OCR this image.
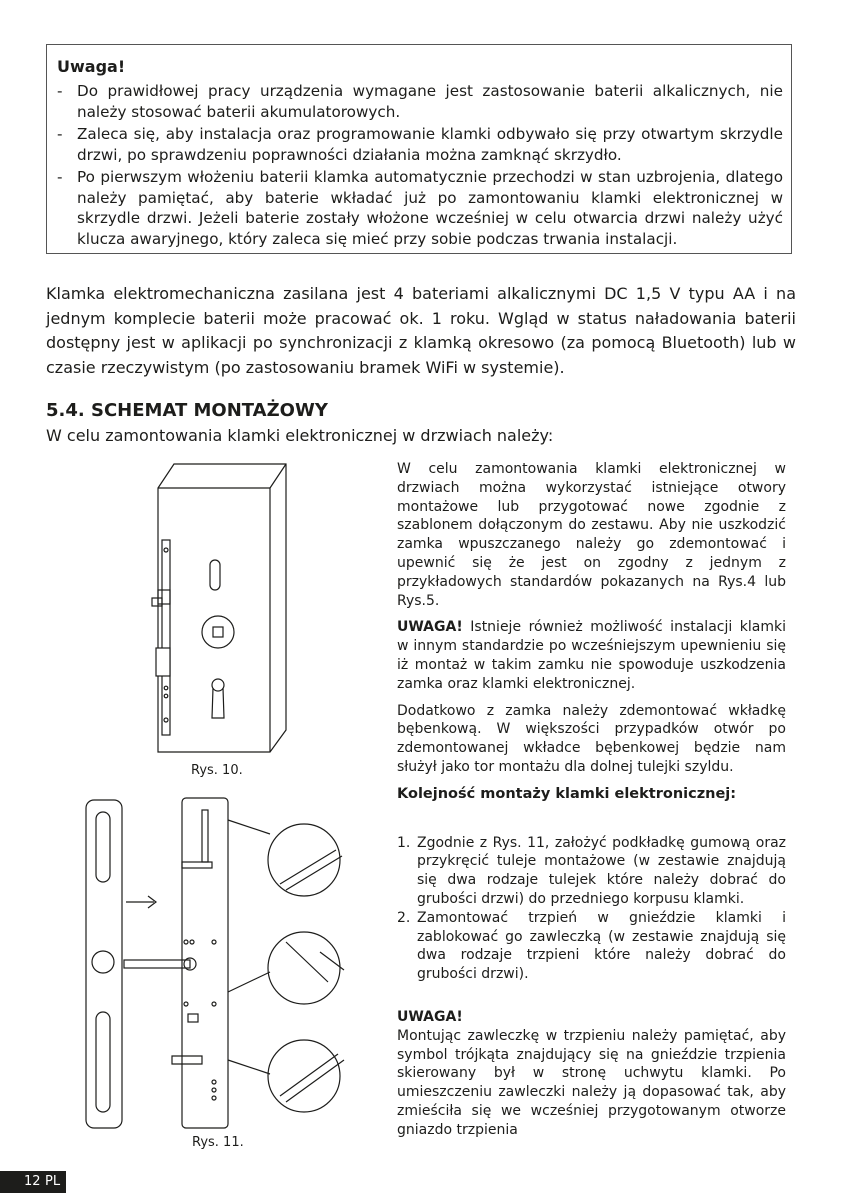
Uwaga!
- Do prawidłowej pracy urządzenia wymagane jest zastosowanie baterii alkalicznych, nie należy stosować baterii akumulatorowych.
- Zaleca się, aby instalacja oraz programowanie klamki odbywało się przy otwartym skrzydle drzwi, po sprawdzeniu poprawności działania można zamknąć skrzydło.
- Po pierwszym włożeniu baterii klamka automatycznie przechodzi w stan uzbrojenia, dlatego należy pamiętać, aby baterie wkładać już po zamontowaniu klamki elektronicznej w skrzydle drzwi. Jeżeli baterie zostały włożone wcześniej w celu otwarcia drzwi należy użyć klucza awaryjnego, który zaleca się mieć przy sobie podczas trwania instalacji.
Klamka elektromechaniczna zasilana jest 4 bateriami alkalicznymi DC 1,5 V typu AA i na jednym komplecie baterii może pracować ok. 1 roku. Wgląd w status naładowania baterii dostępny jest w aplikacji po synchronizacji z klamką okresowo (za pomocą Bluetooth) lub w czasie rzeczywistym (po zastosowaniu bramek WiFi w systemie).
5.4. SCHEMAT MONTAŻOWY
W celu zamontowania klamki elektronicznej w drzwiach należy:
Rys. 10.
Rys. 11.

W celu zamontowania klamki elektronicznej w drzwiach można wykorzystać istniejące otwory montażowe lub przygotować nowe zgodnie z szablonem dołączonym do zestawu. Aby nie uszkodzić zamka wpuszczanego należy go zdemontować i upewnić się że jest on zgodny z jednym z przykładowych standardów pokazanych na Rys.4 lub Rys.5.

UWAGA! Istnieje również możliwość instalacji klamki w innym standardzie po wcześniejszym upewnieniu się iż montaż w takim zamku nie spowoduje uszkodzenia zamka oraz klamki elektronicznej.

Dodatkowo z zamka należy zdemontować wkładkę bębenkową. W większości przypadków otwór po zdemontowanej wkładce bębenkowej będzie nam służył jako tor montażu dla dolnej tulejki szyldu.

Kolejność montaży klamki elektronicznej:

1. Zgodnie z Rys. 11, założyć podkładkę gumową oraz przykręcić tuleje montażowe (w zestawie znajdują się dwa rodzaje tulejek które należy dobrać do grubości drzwi) do przedniego korpusu klamki.
2. Zamontować trzpień w gnieździe klamki i zablokować go zawleczką (w zestawie znajdują się dwa rodzaje trzpieni które należy dobrać do grubości drzwi).

UWAGA!

Montując zawleczkę w trzpieniu należy pamiętać, aby symbol trójkąta znajdujący się na gnieździe trzpienia skierowany był w stronę uchwytu klamki. Po umieszczeniu zawleczki należy ją dopasować tak, aby zmieściła się we wcześniej przygotowanym otworze gniazdo trzpienia

12 PL
